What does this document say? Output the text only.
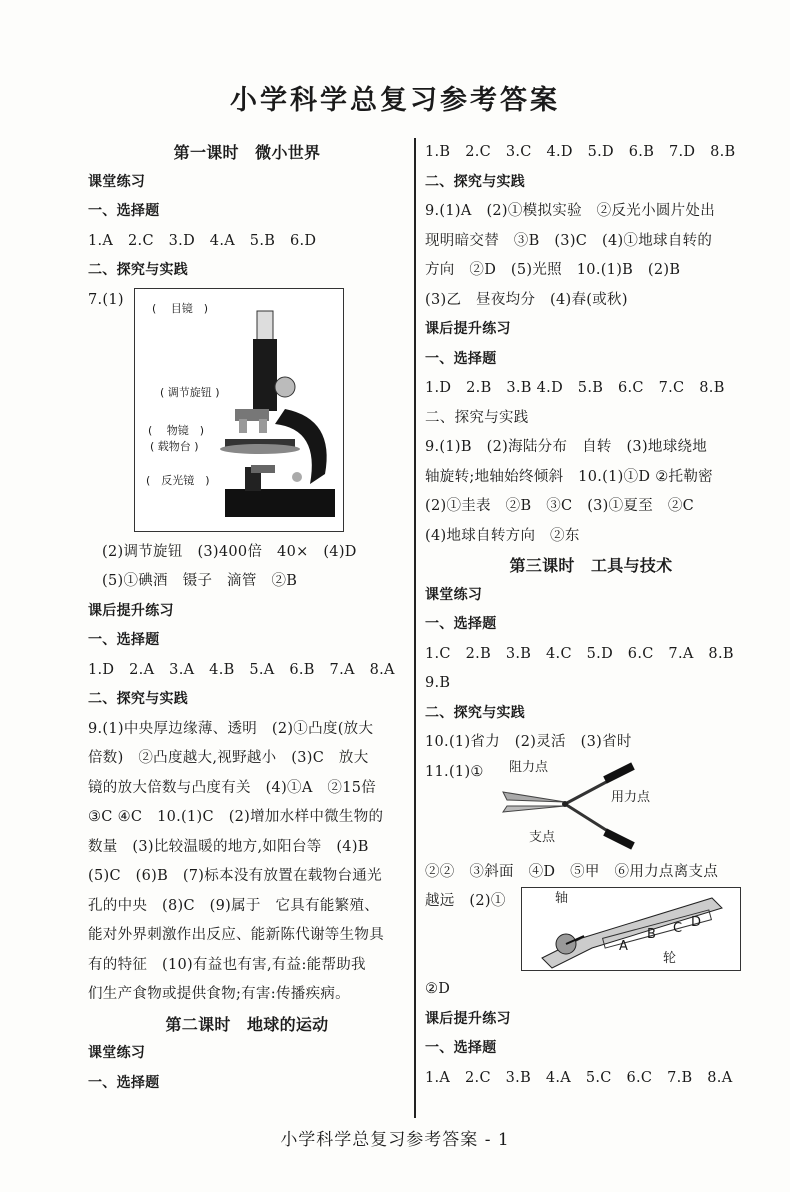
小学科学总复习参考答案
第一课时　微小世界
课堂练习
一、选择题
1.A　2.C　3.D　4.A　5.B　6.D
二、探究与实践
7.(1)
( 　目镜　)
( 调节旋钮 )
(　 物镜　)
( 载物台 )
(　反光镜　)
(2)调节旋钮　(3)400倍　40×　(4)D
(5)①碘酒　镊子　滴管　②B
课后提升练习
一、选择题
1.D　2.A　3.A　4.B　5.A　6.B　7.A　8.A
二、探究与实践
9.(1)中央厚边缘薄、透明　(2)①凸度(放大
倍数)　②凸度越大,视野越小　(3)C　放大
镜的放大倍数与凸度有关　(4)①A　②15倍
③C ④C　10.(1)C　(2)增加水样中微生物的
数量　(3)比较温暖的地方,如阳台等　(4)B
(5)C　(6)B　(7)标本没有放置在载物台通光
孔的中央　(8)C　(9)属于　它具有能繁殖、
能对外界刺激作出反应、能新陈代谢等生物具
有的特征　(10)有益也有害,有益:能帮助我
们生产食物或提供食物;有害:传播疾病。
第二课时　地球的运动
课堂练习
一、选择题
1.B　2.C　3.C　4.D　5.D　6.B　7.D　8.B
二、探究与实践
9.(1)A　(2)①模拟实验　②反光小圆片处出
现明暗交替　③B　(3)C　(4)①地球自转的
方向　②D　(5)光照　10.(1)B　(2)B
(3)乙　昼夜均分　(4)春(或秋)
课后提升练习
一、选择题
1.D　2.B　3.B 4.D　5.B　6.C　7.C　8.B
二、探究与实践
9.(1)B　(2)海陆分布　自转　(3)地球绕地
轴旋转;地轴始终倾斜　10.(1)①D ②托勒密
(2)①圭表　②B　③C　(3)①夏至　②C
(4)地球自转方向　②东
第三课时　工具与技术
课堂练习
一、选择题
1.C　2.B　3.B　4.C　5.D　6.C　7.A　8.B
9.B
二、探究与实践
10.(1)省力　(2)灵活　(3)省时
11.(1)① 阻力点
用力点
支点
②②　③斜面　④D　⑤甲　⑥用力点离支点
越远　(2)①	轴
A
B C D
轮
②D
课后提升练习
一、选择题
1.A　2.C　3.B　4.A　5.C　6.C　7.B　8.A
小学科学总复习参考答案 - 1
